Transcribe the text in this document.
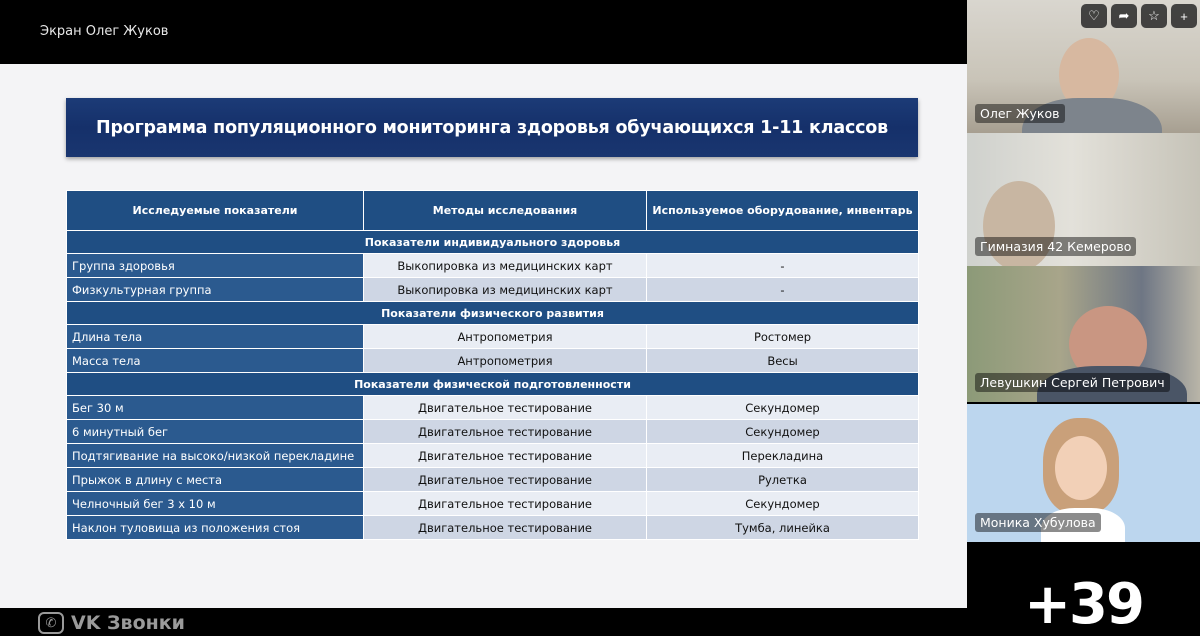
Экран Олег Жуков
Программа популяционного мониторинга здоровья обучающихся 1-11 классов
Исследуемые показатели	Методы исследования	Используемое оборудование, инвентарь
Показатели индивидуального здоровья		
Группа здоровья	Выкопировка из медицинских карт	-
Физкультурная группа	Выкопировка из медицинских карт	-
Показатели физического развития		
Длина тела	Антропометрия	Ростомер
Масса тела	Антропометрия	Весы
Показатели физической подготовленности		
Бег 30 м	Двигательное тестирование	Секундомер
6 минутный бег	Двигательное тестирование	Секундомер
Подтягивание на высоко/низкой перекладине	Двигательное тестирование	Перекладина
Прыжок в длину с места	Двигательное тестирование	Рулетка
Челночный бег 3 х 10 м	Двигательное тестирование	Секундомер
Наклон туловища из положения стоя	Двигательное тестирование	Тумба, линейка
✆ VK Звонки
Олег Жуков
Гимназия 42 Кемерово
Левушкин Сергей Петрович
Моника Хубулова
+39
♡	➦	☆	+
